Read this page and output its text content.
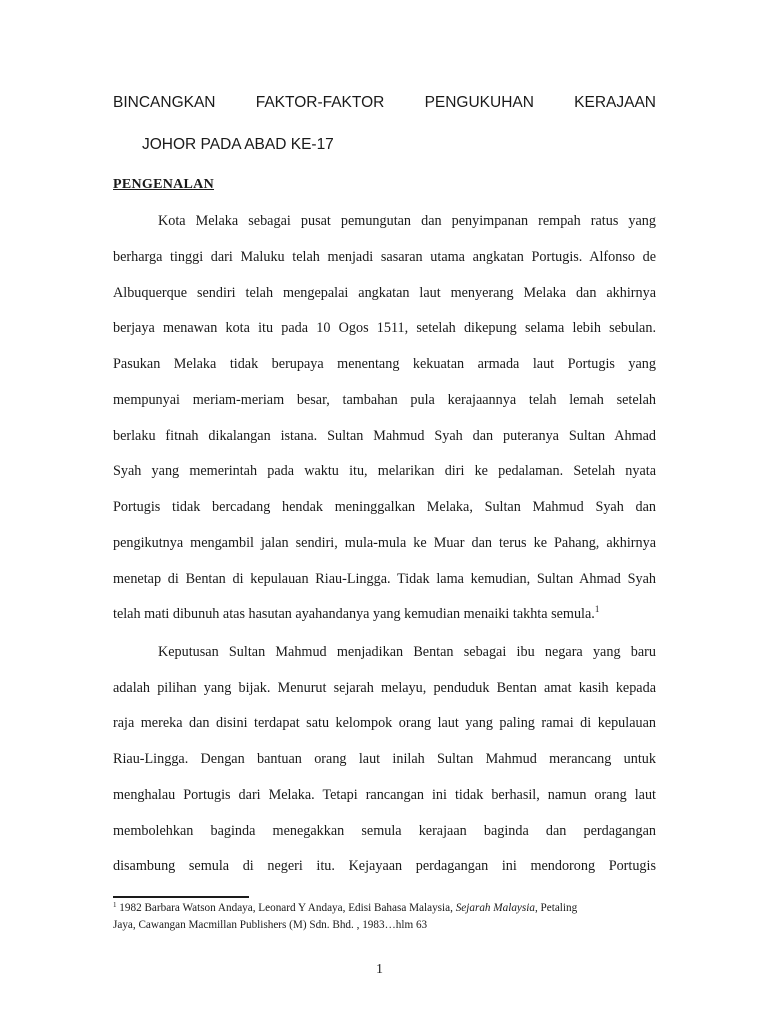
BINCANGKAN FAKTOR-FAKTOR PENGUKUHAN KERAJAAN
JOHOR PADA ABAD KE-17
PENGENALAN
Kota Melaka sebagai pusat pemungutan dan penyimpanan rempah ratus yang
berharga tinggi dari Maluku telah menjadi sasaran utama angkatan Portugis. Alfonso de
Albuquerque sendiri telah mengepalai angkatan laut menyerang Melaka dan akhirnya
berjaya menawan kota itu pada 10 Ogos 1511, setelah dikepung selama lebih sebulan.
Pasukan Melaka tidak berupaya menentang kekuatan armada laut Portugis yang
mempunyai meriam-meriam besar, tambahan pula kerajaannya telah lemah setelah
berlaku fitnah dikalangan istana. Sultan Mahmud Syah dan puteranya Sultan Ahmad
Syah yang memerintah pada waktu itu, melarikan diri ke pedalaman. Setelah nyata
Portugis tidak bercadang hendak meninggalkan Melaka, Sultan Mahmud Syah dan
pengikutnya mengambil jalan sendiri, mula-mula ke Muar dan terus ke Pahang, akhirnya
menetap di Bentan di kepulauan Riau-Lingga. Tidak lama kemudian, Sultan Ahmad Syah
telah mati dibunuh atas hasutan ayahandanya yang kemudian menaiki takhta semula.$^1$
Keputusan Sultan Mahmud menjadikan Bentan sebagai ibu negara yang baru
adalah pilihan yang bijak. Menurut sejarah melayu, penduduk Bentan amat kasih kepada
raja mereka dan disini terdapat satu kelompok orang laut yang paling ramai di kepulauan
Riau-Lingga. Dengan bantuan orang laut inilah Sultan Mahmud merancang untuk
menghalau Portugis dari Melaka. Tetapi rancangan ini tidak berhasil, namun orang laut
membolehkan baginda menegakkan semula kerajaan baginda dan perdagangan
disambung semula di negeri itu. Kejayaan perdagangan ini mendorong Portugis
$^1$ 1982 Barbara Watson Andaya, Leonard Y Andaya, Edisi Bahasa Malaysia, Sejarah Malaysia, Petaling
Jaya, Cawangan Macmillan Publishers (M) Sdn. Bhd. , 1983…hlm 63
1
